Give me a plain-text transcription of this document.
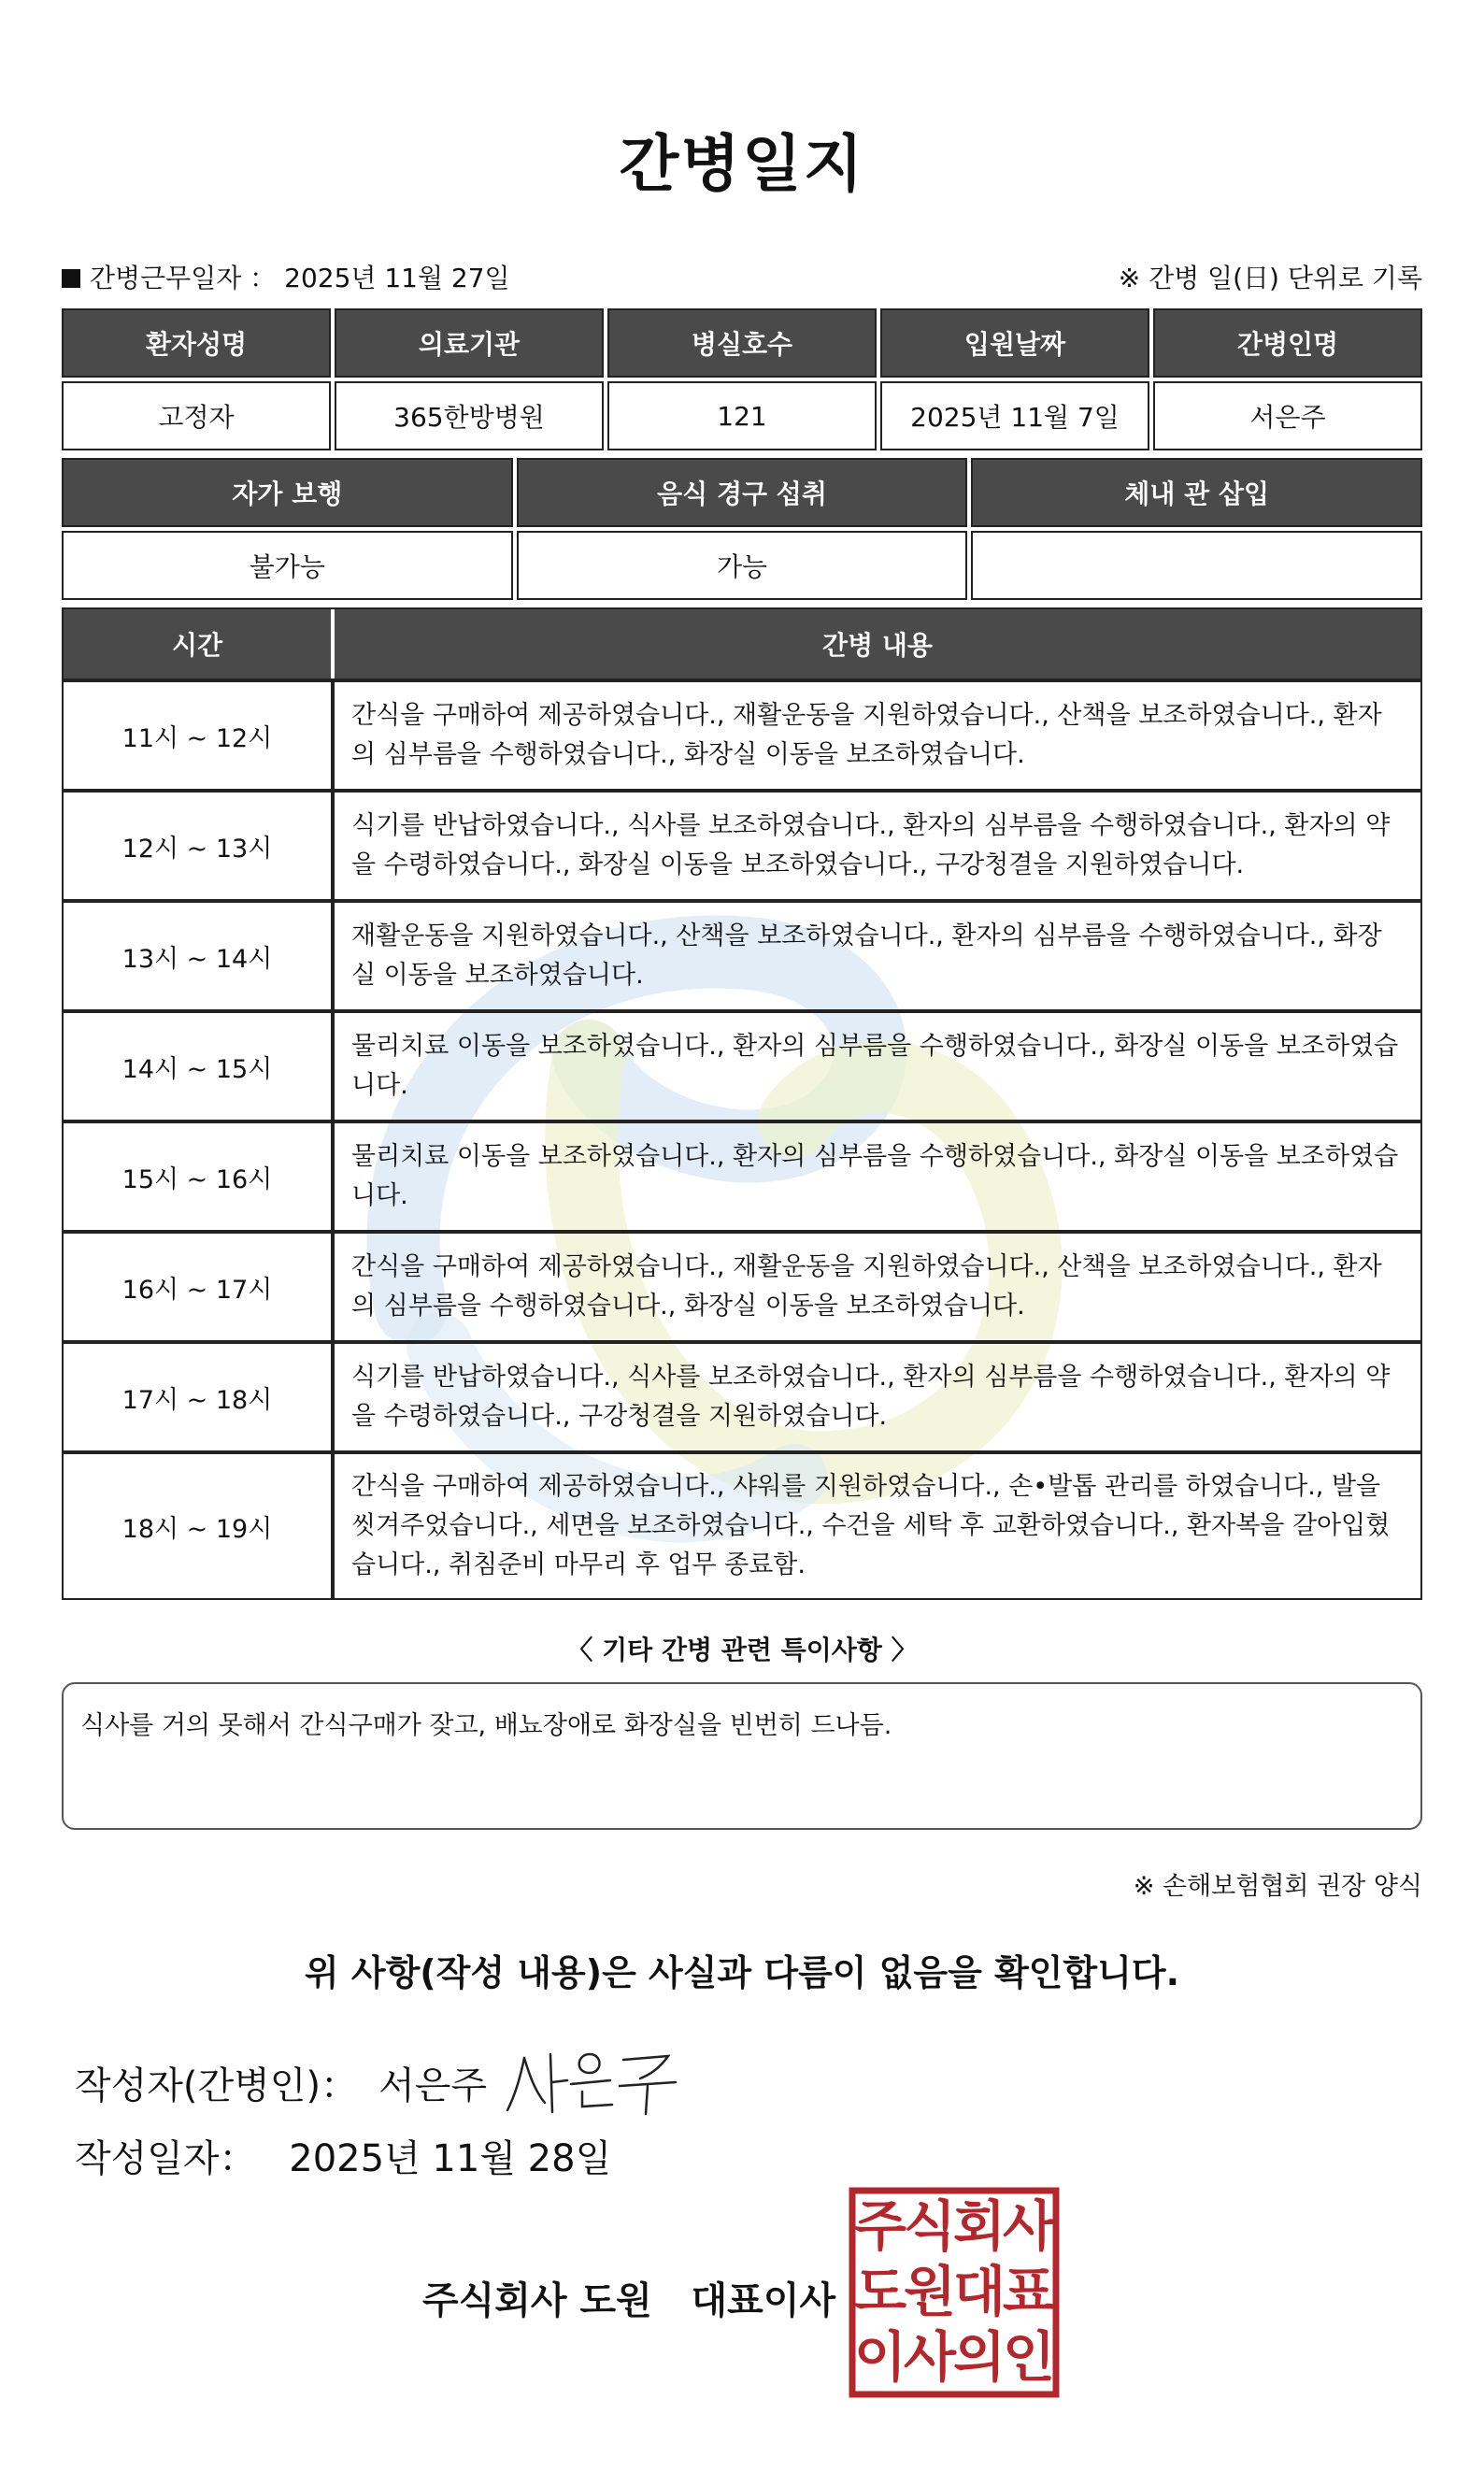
간병일지
간병근무일자 ： 2025년 11월 27일	※ 간병 일(日) 단위로 기록
환자성명	의료기관	병실호수	입원날짜	간병인명
고정자	365한방병원	121	2025년 11월 7일	서은주
자가 보행	음식 경구 섭취	체내 관 삽입
불가능	가능
시간	간병 내용
11시 ~ 12시
간식을 구매하여 제공하였습니다., 재활운동을 지원하였습니다., 산책을 보조하였습니다., 환자의 심부름을 수행하였습니다., 화장실 이동을 보조하였습니다.
12시 ~ 13시
식기를 반납하였습니다., 식사를 보조하였습니다., 환자의 심부름을 수행하였습니다., 환자의 약을 수령하였습니다., 화장실 이동을 보조하였습니다., 구강청결을 지원하였습니다.
13시 ~ 14시
재활운동을 지원하였습니다., 산책을 보조하였습니다., 환자의 심부름을 수행하였습니다., 화장실 이동을 보조하였습니다.
14시 ~ 15시
물리치료 이동을 보조하였습니다., 환자의 심부름을 수행하였습니다., 화장실 이동을 보조하였습니다.
15시 ~ 16시
물리치료 이동을 보조하였습니다., 환자의 심부름을 수행하였습니다., 화장실 이동을 보조하였습니다.
16시 ~ 17시
간식을 구매하여 제공하였습니다., 재활운동을 지원하였습니다., 산책을 보조하였습니다., 환자의 심부름을 수행하였습니다., 화장실 이동을 보조하였습니다.
17시 ~ 18시
식기를 반납하였습니다., 식사를 보조하였습니다., 환자의 심부름을 수행하였습니다., 환자의 약을 수령하였습니다., 구강청결을 지원하였습니다.
18시 ~ 19시
간식을 구매하여 제공하였습니다., 샤워를 지원하였습니다., 손•발톱 관리를 하였습니다., 발을 씻겨주었습니다., 세면을 보조하였습니다., 수건을 세탁 후 교환하였습니다., 환자복을 갈아입혔습니다., 취침준비 마무리 후 업무 종료함.
〈 기타 간병 관련 특이사항 〉
식사를 거의 못해서 간식구매가 잦고, 배뇨장애로 화장실을 빈번히 드나듬.
※ 손해보험협회 권장 양식
위 사항(작성 내용)은 사실과 다름이 없음을 확인합니다.
작성자(간병인)： 서은주
작성일자： 2025년 11월 28일
주식회사 도원   대표이사
주
식
회
사
도
원
대
표
이
사
의
인
